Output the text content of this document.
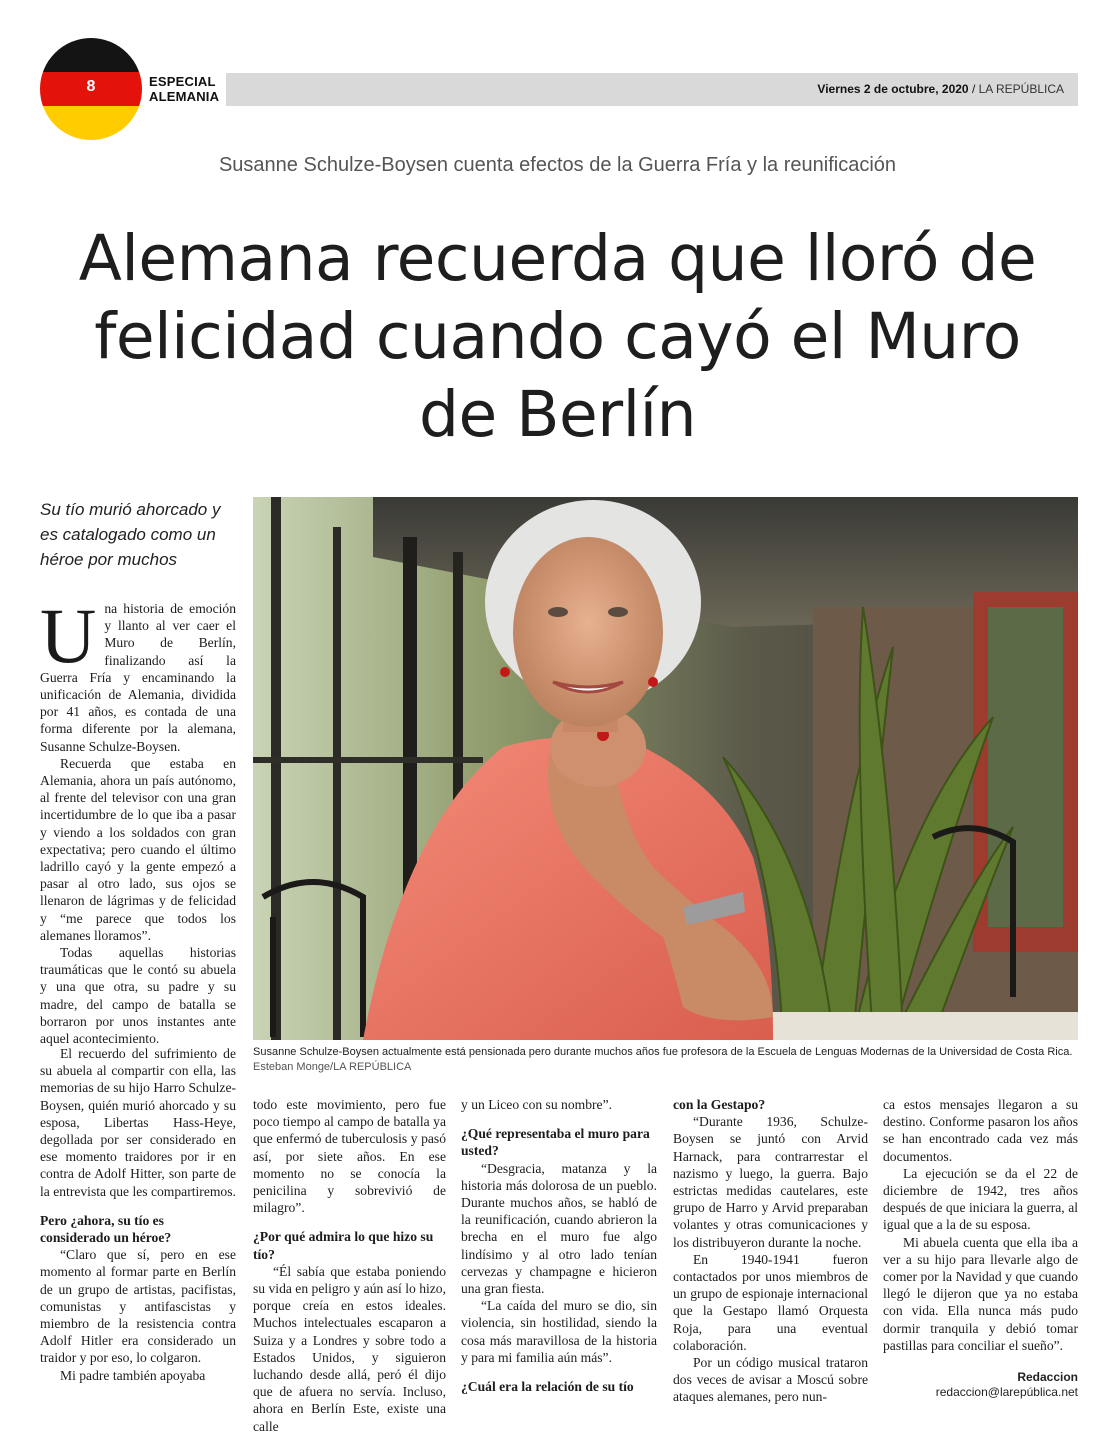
8	ESPECIAL
ALEMANIA	Viernes 2 de octubre, 2020 / LA REPÚBLICA
Susanne Schulze-Boysen cuenta efectos de la Guerra Fría y la reunificación
Alemana recuerda que lloró de felicidad cuando cayó el Muro de Berlín
Su tío murió ahorcado y es catalogado como un héroe por muchos
Susanne Schulze-Boysen actualmente está pensionada pero durante muchos años fue profesora de la Escuela de Lenguas Modernas de la Universidad de Costa Rica. Esteban Monge/LA REPÚBLICA
U na historia de emoción y llanto al ver caer el Muro de Berlín, finalizando así la Guerra Fría y encaminando la unificación de Alemania, dividida por 41 años, es contada de una forma diferente por la alemana, Susanne Schulze-Boysen.

Recuerda que estaba en Alemania, ahora un país autónomo, al frente del televisor con una gran incertidumbre de lo que iba a pasar y viendo a los soldados con gran expectativa; pero cuando el último ladrillo cayó y la gente empezó a pasar al otro lado, sus ojos se llenaron de lágrimas y de felicidad y “me parece que todos los alemanes lloramos”.

Todas aquellas historias traumáticas que le contó su abuela y una que otra, su padre y su madre, del campo de batalla se borraron por unos instantes ante aquel acontecimiento.

El recuerdo del sufrimiento de su abuela al compartir con ella, las memorias de su hijo Harro Schulze-Boysen, quién murió ahorcado y su esposa, Libertas Hass-Heye, degollada por ser considerado en ese momento traidores por ir en contra de Adolf Hitter, son parte de la entrevista que les compartiremos.

Pero ¿ahora, su tío es considerado un héroe?

“Claro que sí, pero en ese momento al formar parte en Berlín de un grupo de artistas, pacifistas, comunistas y antifascistas y miembro de la resistencia contra Adolf Hitler era considerado un traidor y por eso, lo colgaron.

Mi padre también apoyaba

todo este movimiento, pero fue poco tiempo al campo de batalla ya que enfermó de tuberculosis y pasó así, por siete años. En ese momento no se conocía la penicilina y sobrevivió de milagro”.

¿Por qué admira lo que hizo su tío?

“Él sabía que estaba poniendo su vida en peligro y aún así lo hizo, porque creía en estos ideales. Muchos intelectuales escaparon a Suiza y a Londres y sobre todo a Estados Unidos, y siguieron luchando desde allá, peró él dijo que de afuera no servía. Incluso, ahora en Berlín Este, existe una calle

y un Liceo con su nombre”.

¿Qué representaba el muro para usted?

“Desgracia, matanza y la historia más dolorosa de un pueblo. Durante muchos años, se habló de la reunificación, cuando abrieron la brecha en el muro fue algo lindísimo y al otro lado tenían cervezas y champagne e hicieron una gran fiesta.

“La caída del muro se dio, sin violencia, sin hostilidad, siendo la cosa más maravillosa de la historia y para mi familia aún más”.

¿Cuál era la relación de su tío
con la Gestapo?

“Durante 1936, Schulze-Boysen se juntó con Arvid Harnack, para contrarrestar el nazismo y luego, la guerra. Bajo estrictas medidas cautelares, este grupo de Harro y Arvid preparaban volantes y otras comunicaciones y los distribuyeron durante la noche.

En 1940-1941 fueron contactados por unos miembros de un grupo de espionaje internacional que la Gestapo llamó Orquesta Roja, para una eventual colaboración.

Por un código musical trataron dos veces de avisar a Moscú sobre ataques alemanes, pero nun-

ca estos mensajes llegaron a su destino. Conforme pasaron los años se han encontrado cada vez más documentos.

La ejecución se da el 22 de diciembre de 1942, tres años después de que iniciara la guerra, al igual que a la de su esposa.

Mi abuela cuenta que ella iba a ver a su hijo para llevarle algo de comer por la Navidad y que cuando llegó le dijeron que ya no estaba con vida. Ella nunca más pudo dormir tranquila y debió tomar pastillas para conciliar el sueño”.

Redaccion
redaccion@larepública.net
